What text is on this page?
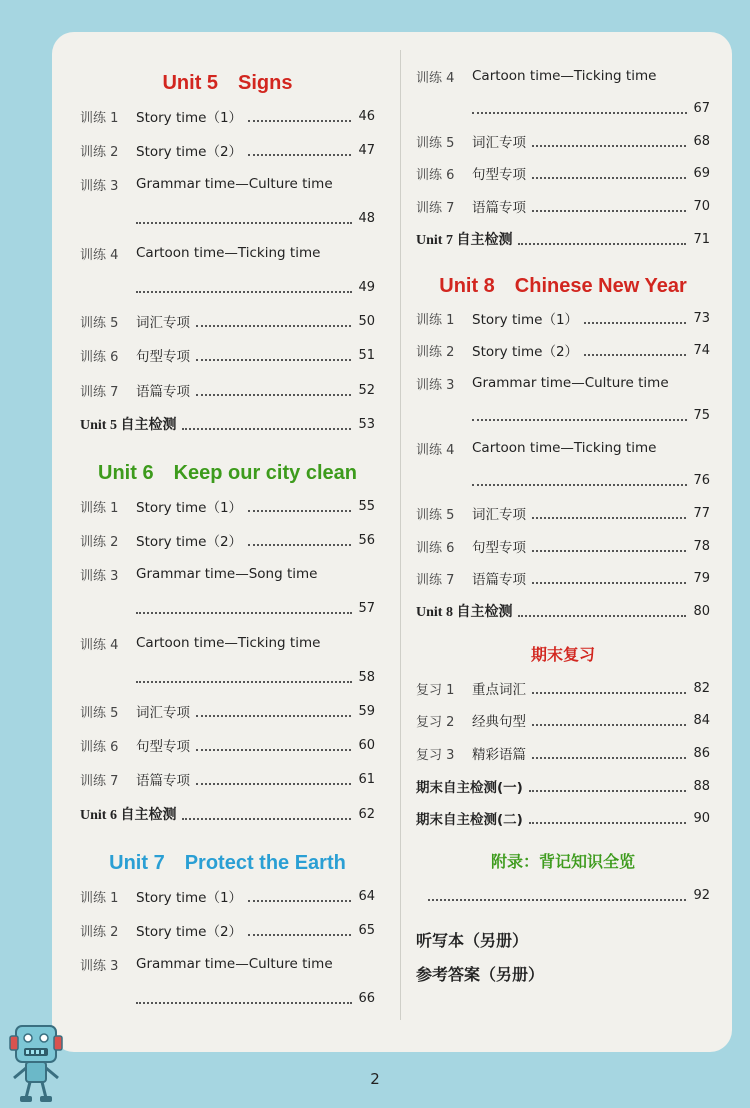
Unit 5　Signs
训练 1	Story time（1）	46
训练 2	Story time（2）	47
训练 3	Grammar time—Culture time
48
训练 4	Cartoon time—Ticking time
49
训练 5	词汇专项	50
训练 6	句型专项	51
训练 7	语篇专项	52
Unit 5 自主检测	53
Unit 6　Keep our city clean
训练 1	Story time（1）	55
训练 2	Story time（2）	56
训练 3	Grammar time—Song time
57
训练 4	Cartoon time—Ticking time
58
训练 5	词汇专项	59
训练 6	句型专项	60
训练 7	语篇专项	61
Unit 6 自主检测	62
Unit 7　Protect the Earth
训练 1	Story time（1）	64
训练 2	Story time（2）	65
训练 3	Grammar time—Culture time
66
训练 4	Cartoon time—Ticking time
67
训练 5	词汇专项	68
训练 6	句型专项	69
训练 7	语篇专项	70
Unit 7 自主检测	71
Unit 8　Chinese New Year
训练 1	Story time（1）	73
训练 2	Story time（2）	74
训练 3	Grammar time—Culture time
75
训练 4	Cartoon time—Ticking time
76
训练 5	词汇专项	77
训练 6	句型专项	78
训练 7	语篇专项	79
Unit 8 自主检测	80
期末复习
复习 1	重点词汇	82
复习 2	经典句型	84
复习 3	精彩语篇	86
期末自主检测(一)	88
期末自主检测(二)	90
附录：背记知识全览
92
听写本（另册）
参考答案（另册）
2
